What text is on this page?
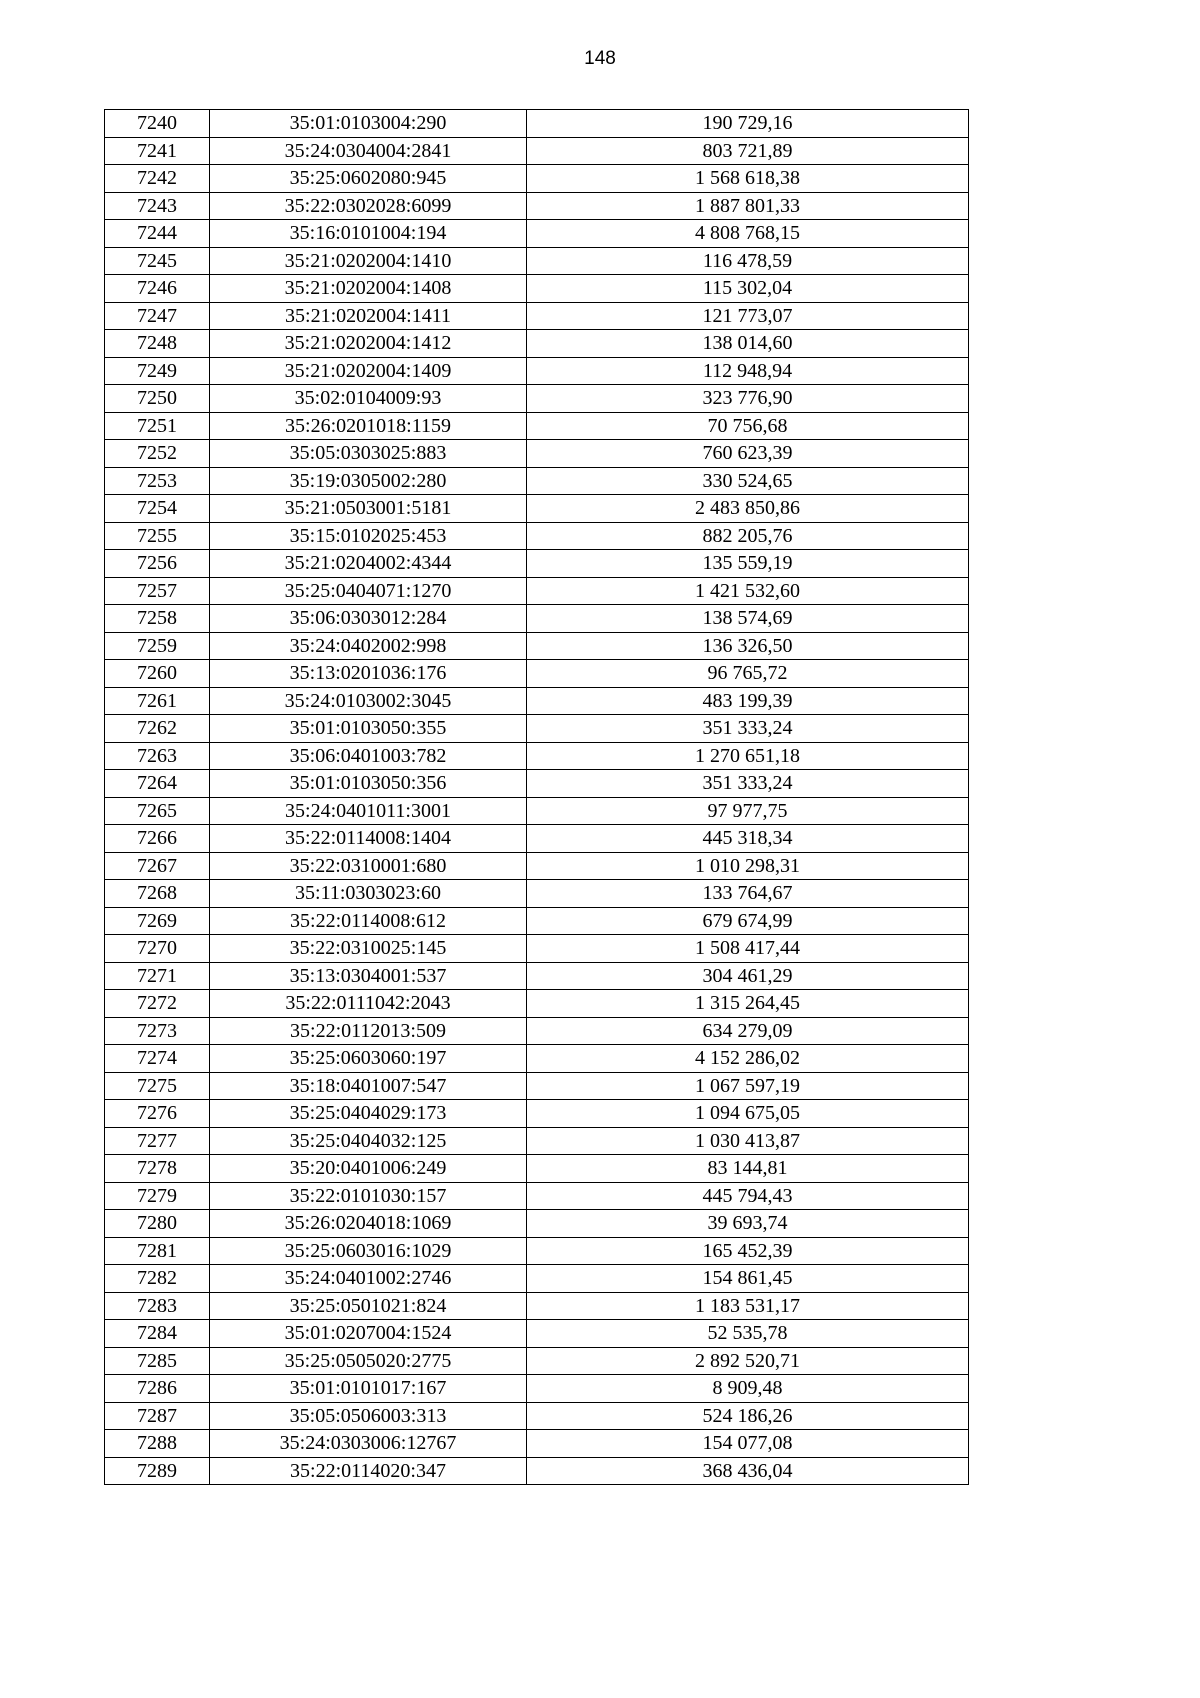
148
7240	35:01:0103004:290	190 729,16
7241	35:24:0304004:2841	803 721,89
7242	35:25:0602080:945	1 568 618,38
7243	35:22:0302028:6099	1 887 801,33
7244	35:16:0101004:194	4 808 768,15
7245	35:21:0202004:1410	116 478,59
7246	35:21:0202004:1408	115 302,04
7247	35:21:0202004:1411	121 773,07
7248	35:21:0202004:1412	138 014,60
7249	35:21:0202004:1409	112 948,94
7250	35:02:0104009:93	323 776,90
7251	35:26:0201018:1159	70 756,68
7252	35:05:0303025:883	760 623,39
7253	35:19:0305002:280	330 524,65
7254	35:21:0503001:5181	2 483 850,86
7255	35:15:0102025:453	882 205,76
7256	35:21:0204002:4344	135 559,19
7257	35:25:0404071:1270	1 421 532,60
7258	35:06:0303012:284	138 574,69
7259	35:24:0402002:998	136 326,50
7260	35:13:0201036:176	96 765,72
7261	35:24:0103002:3045	483 199,39
7262	35:01:0103050:355	351 333,24
7263	35:06:0401003:782	1 270 651,18
7264	35:01:0103050:356	351 333,24
7265	35:24:0401011:3001	97 977,75
7266	35:22:0114008:1404	445 318,34
7267	35:22:0310001:680	1 010 298,31
7268	35:11:0303023:60	133 764,67
7269	35:22:0114008:612	679 674,99
7270	35:22:0310025:145	1 508 417,44
7271	35:13:0304001:537	304 461,29
7272	35:22:0111042:2043	1 315 264,45
7273	35:22:0112013:509	634 279,09
7274	35:25:0603060:197	4 152 286,02
7275	35:18:0401007:547	1 067 597,19
7276	35:25:0404029:173	1 094 675,05
7277	35:25:0404032:125	1 030 413,87
7278	35:20:0401006:249	83 144,81
7279	35:22:0101030:157	445 794,43
7280	35:26:0204018:1069	39 693,74
7281	35:25:0603016:1029	165 452,39
7282	35:24:0401002:2746	154 861,45
7283	35:25:0501021:824	1 183 531,17
7284	35:01:0207004:1524	52 535,78
7285	35:25:0505020:2775	2 892 520,71
7286	35:01:0101017:167	8 909,48
7287	35:05:0506003:313	524 186,26
7288	35:24:0303006:12767	154 077,08
7289	35:22:0114020:347	368 436,04
